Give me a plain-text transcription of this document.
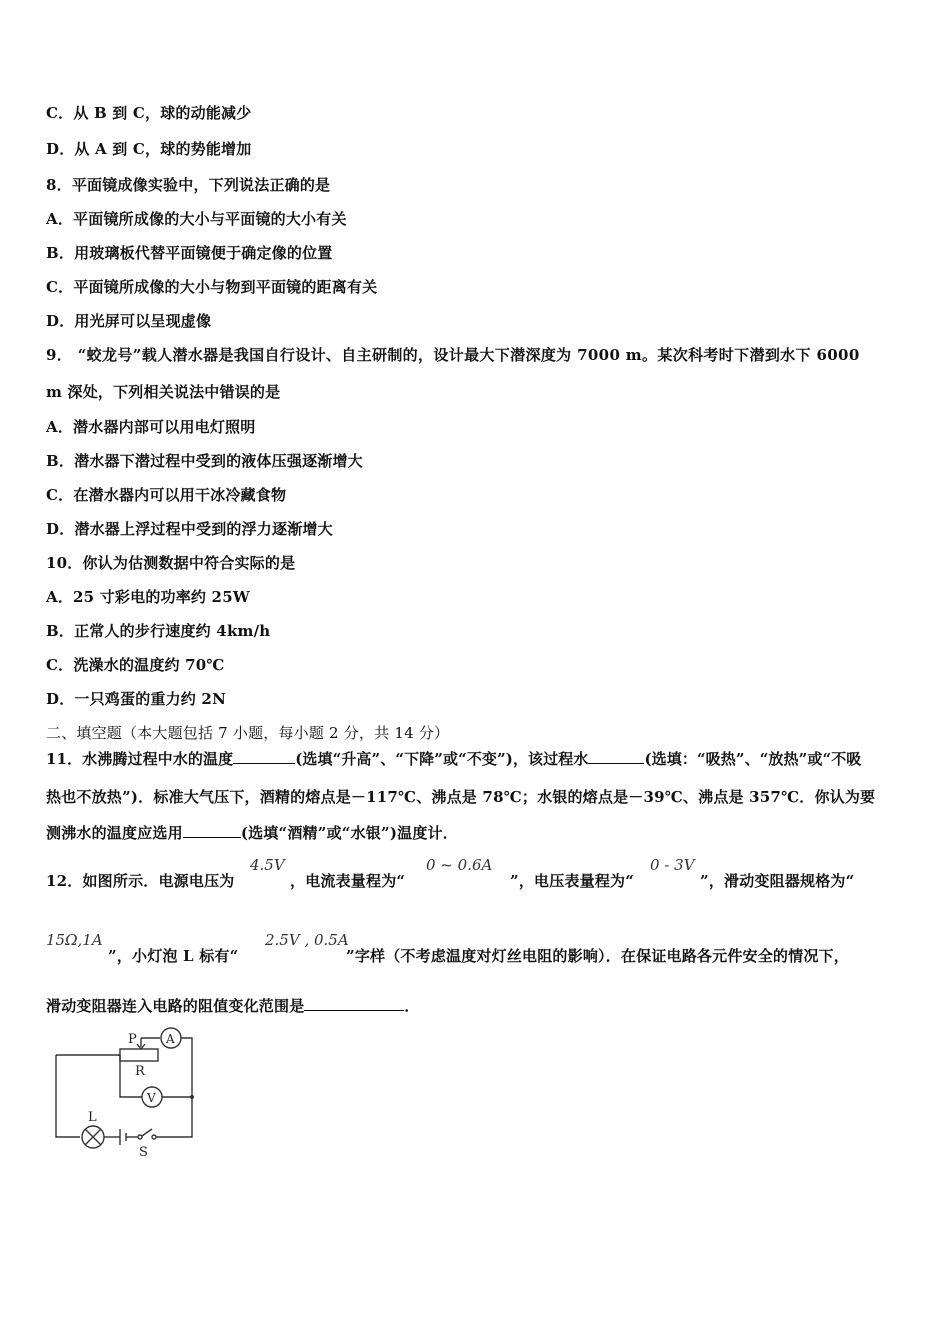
C．从 B 到 C，球的动能减少
D．从 A 到 C，球的势能增加
8．平面镜成像实验中，下列说法正确的是
A．平面镜所成像的大小与平面镜的大小有关
B．用玻璃板代替平面镜便于确定像的位置
C．平面镜所成像的大小与物到平面镜的距离有关
D．用光屏可以呈现虚像
9． “蛟龙号”载人潜水器是我国自行设计、自主研制的，设计最大下潜深度为 7000 m。某次科考时下潜到水下 6000
m 深处，下列相关说法中错误的是
A．潜水器内部可以用电灯照明
B．潜水器下潜过程中受到的液体压强逐渐增大
C．在潜水器内可以用干冰冷藏食物
D．潜水器上浮过程中受到的浮力逐渐增大
10．你认为估测数据中符合实际的是
A．25 寸彩电的功率约 25W
B．正常人的步行速度约 4km/h
C．洗澡水的温度约 70℃
D．一只鸡蛋的重力约 2N
二、填空题（本大题包括 7 小题，每小题 2 分，共 14 分）
11．水沸腾过程中水的温度	(选填“升高”、“下降”或“不变”)，该过程水	(选填：“吸热”、“放热”或“不吸
热也不放热”)．标准大气压下，酒精的熔点是－117℃、沸点是 78℃；水银的熔点是－39℃、沸点是 357℃．你认为要
测沸水的温度应选用	(选填“酒精”或“水银”)温度计．
12．如图所示．电源电压为
4.5V
，电流表量程为“
0 ~ 0.6A
”，电压表量程为“
0 - 3V
”，滑动变阻器规格为“
15Ω,1A
”，小灯泡 L 标有“
2.5V , 0.5A
”字样（不考虑温度对灯丝电阻的影响）．在保证电路各元件安全的情况下，
滑动变阻器连入电路的阻值变化范围是	．
P A
R
V
L
S
